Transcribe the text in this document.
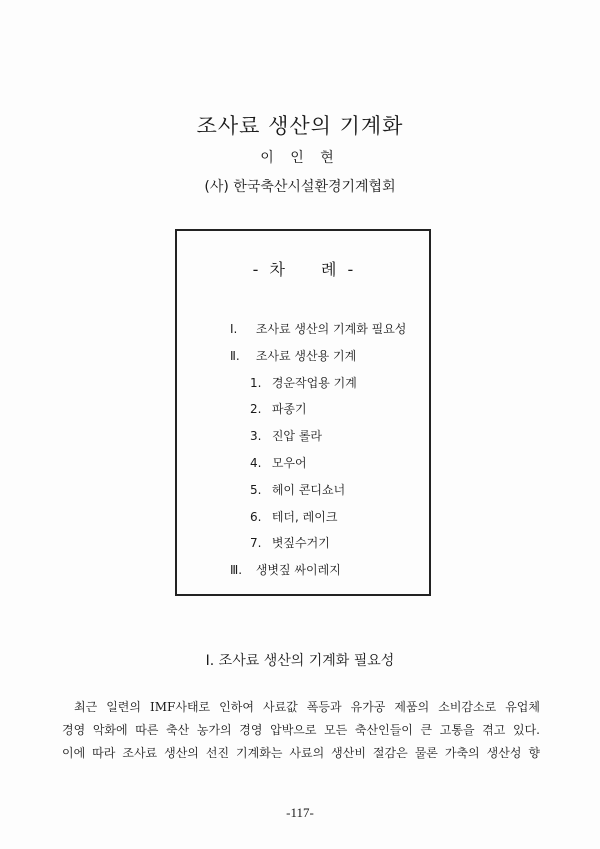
조사료 생산의 기계화
이 인 현
(사) 한국축산시설환경기계협회
- 차 례 -
Ⅰ. 조사료 생산의 기계화 필요성
Ⅱ. 조사료 생산용 기계
1. 경운작업용 기계
2. 파종기
3. 진압 롤라
4. 모우어
5. 헤이 콘디쇼너
6. 테더, 레이크
7. 볏짚수거기
Ⅲ. 생볏짚 싸이레지
Ⅰ. 조사료 생산의 기계화 필요성
최근 일련의 IMF사태로 인하여 사료값 폭등과 유가공 제품의 소비감소로 유업체
경영 악화에 따른 축산 농가의 경영 압박으로 모든 축산인들이 큰 고통을 겪고 있다.
이에 따라 조사료 생산의 선진 기계화는 사료의 생산비 절감은 물론 가축의 생산성 향
-117-
